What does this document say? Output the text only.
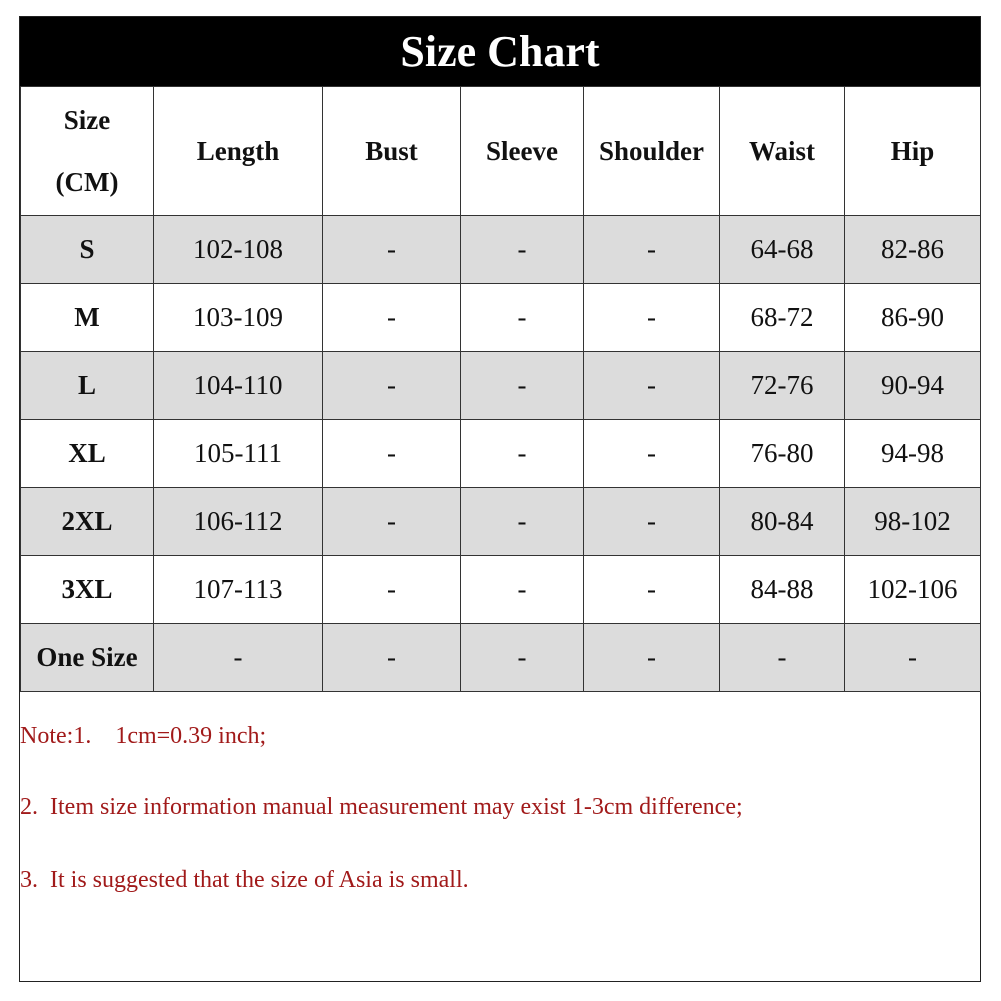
Size Chart
Size
(CM)	Length	Bust	Sleeve	Shoulder	Waist	Hip
S	102-108	-	-	-	64-68	82-86
M	103-109	-	-	-	68-72	86-90
L	104-110	-	-	-	72-76	90-94
XL	105-111	-	-	-	76-80	94-98
2XL	106-112	-	-	-	80-84	98-102
3XL	107-113	-	-	-	84-88	102-106
One Size	-	-	-	-	-	-
Note:1.    1cm=0.39 inch;
2.  Item size information manual measurement may exist 1-3cm difference;
3.  It is suggested that the size of Asia is small.
